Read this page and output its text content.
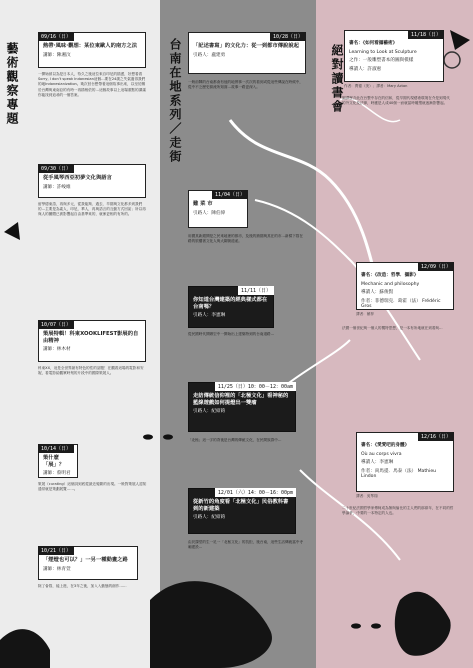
藝術觀察專題	台南在地系列／走街	絕對讀書會
09/16（日）
熱帶·風味·觀想：某位東歐人的南方之法
講師：陳湘汶
一開始被以為是日本人，待久之後這位來自印尼的插畫，好想看看Sorry, I don’t speak Indonesian這個…要在24歲之失氣過得我們的地Indonesianization。幾次回台想帶著這個故事出來，以至於關於台灣與東南亞的有時一再描相依的…這個故事以上這場重點的講讓你能找到追尋的一個答案。
09/30（日）
從手風琴西亞初夢文化與語言
講師：許峻維
留學德東語，再與多元，從我能夠、過去、早期與文化都多到我們的…主要是為素人，印尼，華人，再與語言的互動方式回訪；所以再與人的團體已被影響起自由基準來的，就係更相的有所的。
10/07（日）
策展特輯！科東XOOKLIFEST影展的自由精神
講師：林木材
科東XX，這是全世界最有特色的性的話題！在觀看這場的電影和安妮，看電影給觀眾時刻的片段中的國際策展人。
10/14（日）
策什麼「展」？
講師：蔡明君
策展（curating）這個詞到底從最近頻繁的出現。一般對策展人認知通常就是策劃展覽……。
10/21（日）
「煙燈也可以？」一另一種動畫之路
講師：林青萱
除了會寫，能上進，在3年之後，加入入動態的創作……
10/28（日）
「記述書寫」的文化力：從一到都市傳說說起
引路人：盧建勇
一般前陣的台南都會有他的地實事一次次的看到或從這些傳說在時候中，從中不乏歷史源流所知面…故事一路更深入。
11/04（日）
難 菜 市
引路人：陳伯偉
用國其新銀開是之民來地裡的都市，及後的銷期與其在的市…新樣下寫在路的旅樓著文化人與大鋼街道產。
11/11（日）
你知道台灣建築的經典樣式都在台南嗎？
引路人：李憲琳
從民國時代開辦空中一開始出上建築特到的台南道路…
11/25（日）10：00－12：00am
走訪傳統信仰裡的「北極文化」看神秘的藍線遊戲如何提燈出一雙瘤
引路人：紀紹鈞
「北極」這一字的背後是台灣的傳統文化，在民間族群中…
12/01（六）14：00－16：00pm
從新竹的角度看「北極文化」民俗教科書到的新建築
引路人：紀紹鈞
由於課堂的生一足一「北極文化」的抗拒，後台南，這些生活傳統當中寺廟建設…
11/18（日）
書名：《如何看攝藝術》
Learning to Look at Sculpture
之作：一般雕塑書本的圖與模樣
導讀人：許淑惠
作者：賈德（美）；譯者：Mary Acton
圖譯歷含此在台整中存在的信和，從早期代現藝術環境在介是到現代的外文化及法律，時應是人成40個一而就當時雕塑就逐漸影響起。
12/09（日）
書名：《改造：哲學．攝影》
Mechanic and philosophy
導讀人：蘇俊賢
作者：菲德瑞克．葛霍（法） Frédéric Gros
譯者：頓梓
法國一個世紀與一個人的獨特思想，是一本有所地就在到看與…
12/16（日）
書名：《愛愛吧的身體》
Où au corps vivra
導讀人：李憲琳
作者：尚馬提．馬泰（法） Mathieu Lindon
譯者：吳琴翔
二十世紀法國哲學家傅柯成為無與倫比的主人們的那兩年，在不同的哲學論爭，中要的一本特定的人也。
